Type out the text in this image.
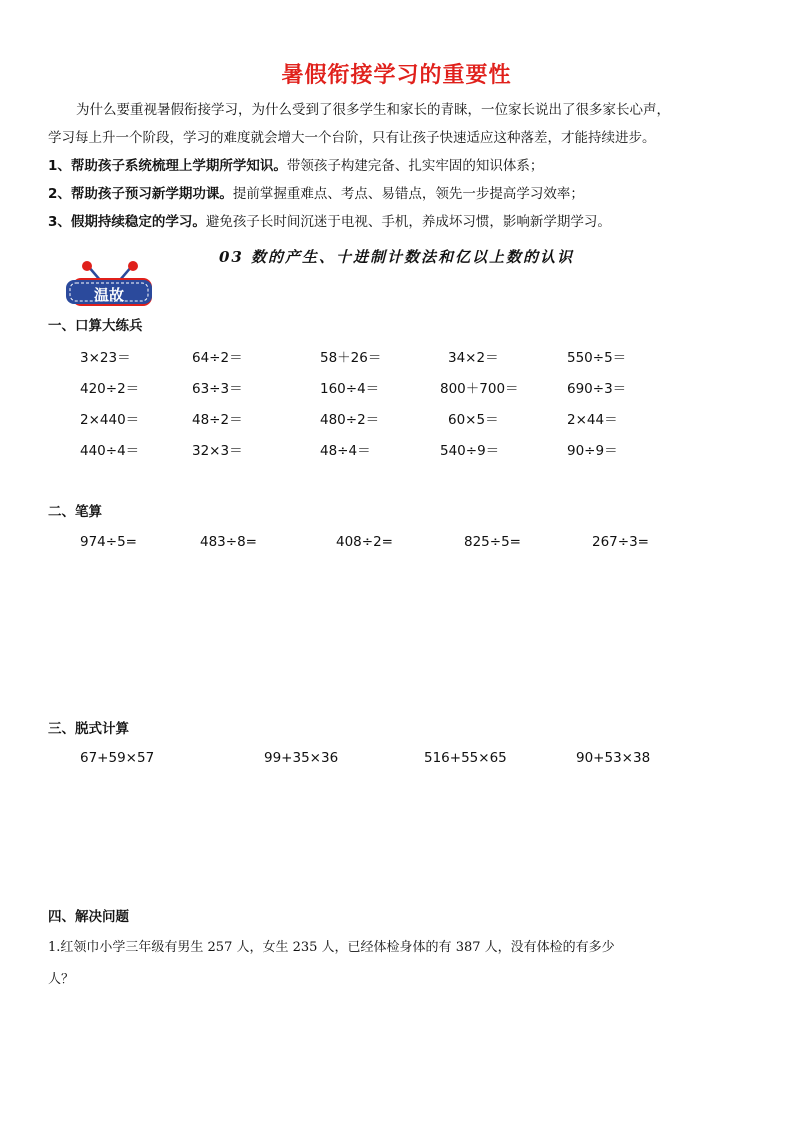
暑假衔接学习的重要性
为什么要重视暑假衔接学习，为什么受到了很多学生和家长的青睐，一位家长说出了很多家长心声，
学习每上升一个阶段，学习的难度就会增大一个台阶，只有让孩子快速适应这种落差，才能持续进步。
1、帮助孩子系统梳理上学期所学知识。带领孩子构建完备、扎实牢固的知识体系；
2、帮助孩子预习新学期功课。提前掌握重难点、考点、易错点，领先一步提高学习效率；
3、假期持续稳定的学习。避免孩子长时间沉迷于电视、手机，养成坏习惯，影响新学期学习。
03 数的产生、十进制计数法和亿以上数的认识
温故
一、口算大练兵
3×23＝	64÷2＝	58＋26＝	34×2＝	550÷5＝
420÷2＝	63÷3＝	160÷4＝	800＋700＝	690÷3＝
2×440＝	48÷2＝	480÷2＝	60×5＝	2×44＝
440÷4＝	32×3＝	48÷4＝	540÷9＝	90÷9＝
二、笔算
974÷5=	483÷8=	408÷2=	825÷5=	267÷3=
三、脱式计算
67+59×57	99+35×36	516+55×65	90+53×38
四、解决问题
1.红领巾小学三年级有男生 257 人，女生 235 人，已经体检身体的有 387 人，没有体检的有多少
人？
